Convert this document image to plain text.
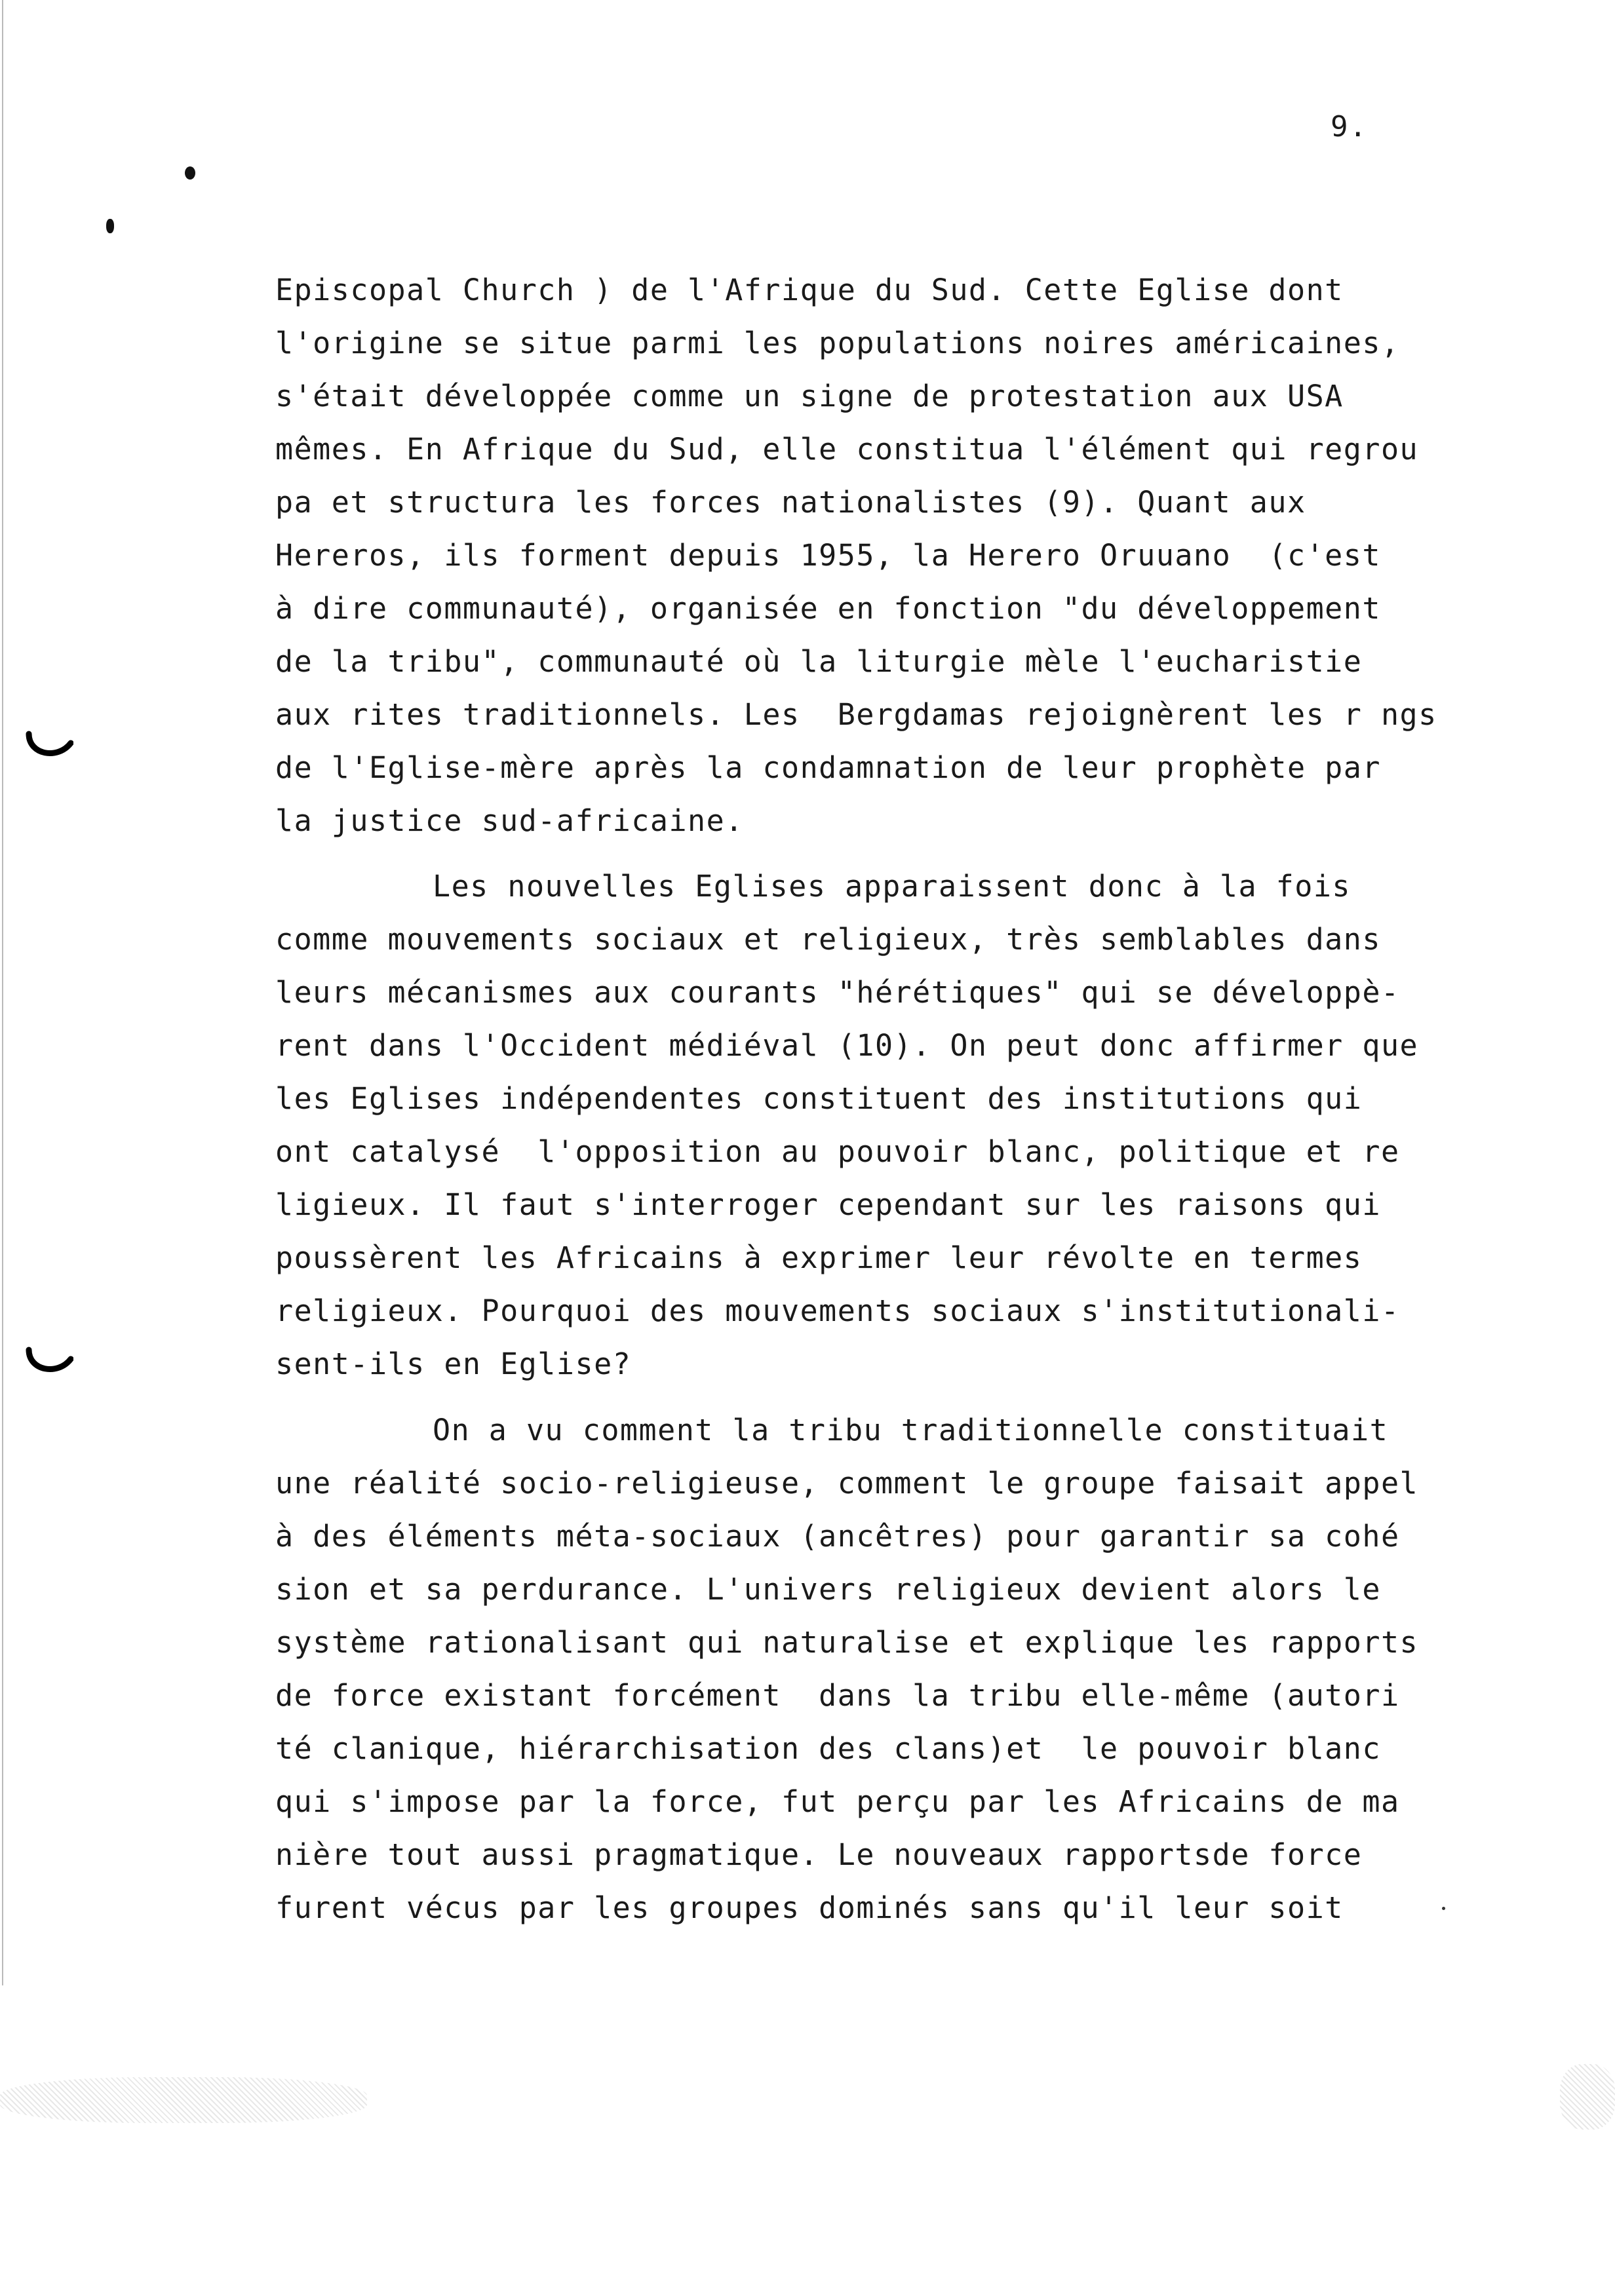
9.
Episcopal Church ) de l'Afrique du Sud. Cette Eglise dont
l'origine se situe parmi les populations noires américaines,
s'était développée comme un signe de protestation aux USA
mêmes. En Afrique du Sud, elle constitua l'élément qui regrou
pa et structura les forces nationalistes (9). Quant aux
Hereros, ils forment depuis 1955, la Herero Oruuano  (c'est
à dire communauté), organisée en fonction "du développement
de la tribu", communauté où la liturgie mèle l'eucharistie
aux rites traditionnels. Les  Bergdamas rejoignèrent les r ngs
de l'Eglise-mère après la condamnation de leur prophète par
la justice sud-africaine.
Les nouvelles Eglises apparaissent donc à la fois
comme mouvements sociaux et religieux, très semblables dans
leurs mécanismes aux courants "hérétiques" qui se développè-
rent dans l'Occident médiéval (10). On peut donc affirmer que
les Eglises indépendentes constituent des institutions qui
ont catalysé  l'opposition au pouvoir blanc, politique et re
ligieux. Il faut s'interroger cependant sur les raisons qui
poussèrent les Africains à exprimer leur révolte en termes
religieux. Pourquoi des mouvements sociaux s'institutionali-
sent-ils en Eglise?
On a vu comment la tribu traditionnelle constituait
une réalité socio-religieuse, comment le groupe faisait appel
à des éléments méta-sociaux (ancêtres) pour garantir sa cohé
sion et sa perdurance. L'univers religieux devient alors le
système rationalisant qui naturalise et explique les rapports
de force existant forcément  dans la tribu elle-même (autori
té clanique, hiérarchisation des clans)et  le pouvoir blanc
qui s'impose par la force, fut perçu par les Africains de ma
nière tout aussi pragmatique. Le nouveaux rapportsde force
furent vécus par les groupes dominés sans qu'il leur soit
